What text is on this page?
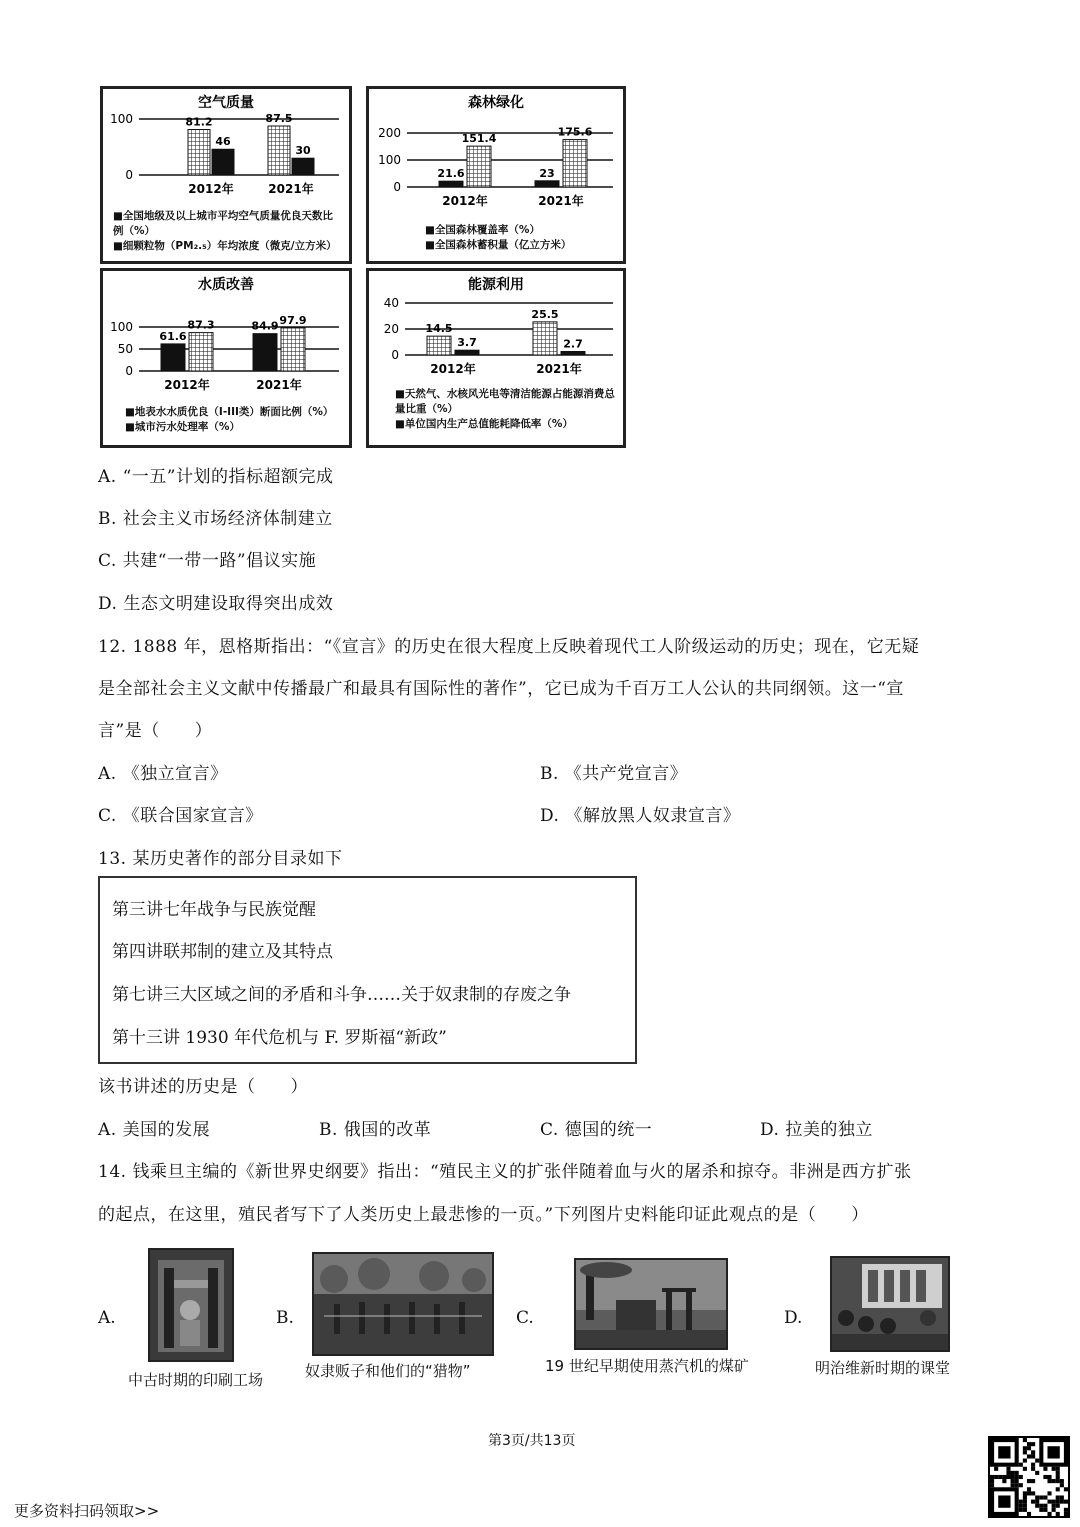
空气质量
100
0
81.2
46
2012年
87.5
30
2021年
■全国地级及以上城市平均空气质量优良天数比例（%）
■细颗粒物（PM₂.₅）年均浓度（微克/立方米）
森林绿化
200
100
0
21.6
151.4
2012年
23
175.6
2021年
■全国森林覆盖率（%）
■全国森林蓄积量（亿立方米）
水质改善
100
50
0
61.6
87.3
2012年
84.9 97.9
2021年
■地表水水质优良（I-III类）断面比例（%）
■城市污水处理率（%）
能源利用
40
20
0
14.5
3.7
2012年
25.5
2.7
2021年
■天然气、水核风光电等清洁能源占能源消费总量比重（%）
■单位国内生产总值能耗降低率（%）
A. “一五”计划的指标超额完成
B. 社会主义市场经济体制建立
C. 共建“一带一路”倡议实施
D. 生态文明建设取得突出成效
12. 1888 年，恩格斯指出：“《宣言》的历史在很大程度上反映着现代工人阶级运动的历史；现在，它无疑
是全部社会主义文献中传播最广和最具有国际性的著作”，它已成为千百万工人公认的共同纲领。这一“宣
言”是（　　）
A. 《独立宣言》	B. 《共产党宣言》
C. 《联合国家宣言》	D. 《解放黑人奴隶宣言》
13. 某历史著作的部分目录如下
第三讲七年战争与民族觉醒
第四讲联邦制的建立及其特点
第七讲三大区域之间的矛盾和斗争……关于奴隶制的存废之争
第十三讲 1930 年代危机与 F. 罗斯福“新政”
该书讲述的历史是（　　）
A. 美国的发展	B. 俄国的改革	C. 德国的统一	D. 拉美的独立
14. 钱乘旦主编的《新世界史纲要》指出：“殖民主义的扩张伴随着血与火的屠杀和掠夺。非洲是西方扩张
的起点，在这里，殖民者写下了人类历史上最悲惨的一页。”下列图片史料能印证此观点的是（　　）
A.
中古时期的印刷工场
B.
奴隶贩子和他们的“猎物”
C.
19 世纪早期使用蒸汽机的煤矿
D.
明治维新时期的课堂
第3页/共13页
更多资料扫码领取>>
